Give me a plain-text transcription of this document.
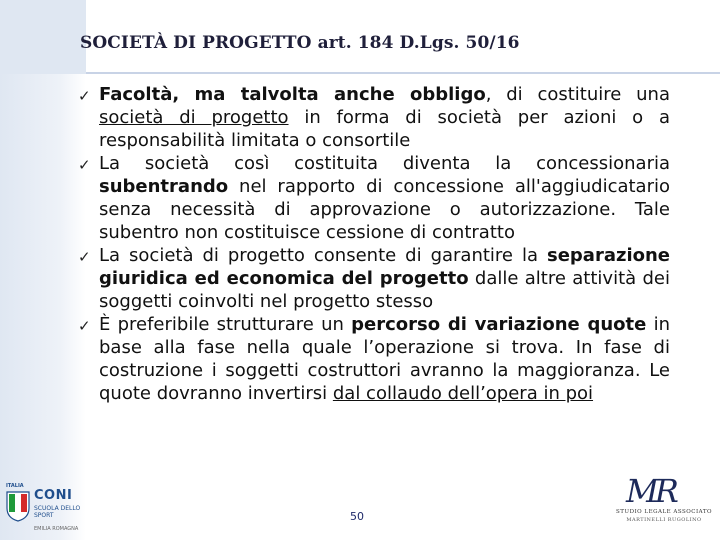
SOCIETÀ DI PROGETTO art. 184 D.Lgs. 50/16
✓ Facoltà, ma talvolta anche obbligo, di costituire una società di progetto in forma di società per azioni o a responsabilità limitata o consortile
✓ La società così costituita diventa la concessionaria subentrando nel rapporto di concessione all'aggiudicatario senza necessità di approvazione o autorizzazione. Tale subentro non costituisce cessione di contratto
✓ La società di progetto consente di garantire la separazione giuridica ed economica del progetto dalle altre attività dei soggetti coinvolti nel progetto stesso
✓ È preferibile strutturare un percorso di variazione quote in base alla fase nella quale l’operazione si trova. In fase di costruzione i soggetti costruttori avranno la maggioranza. Le quote dovranno invertirsi dal collaudo dell’opera in poi
ITALIA
CONI
SCUOLA DELLO SPORT
EMILIA ROMAGNA
50
MR
STUDIO LEGALE ASSOCIATO
MARTINELLI RUGOLINO
